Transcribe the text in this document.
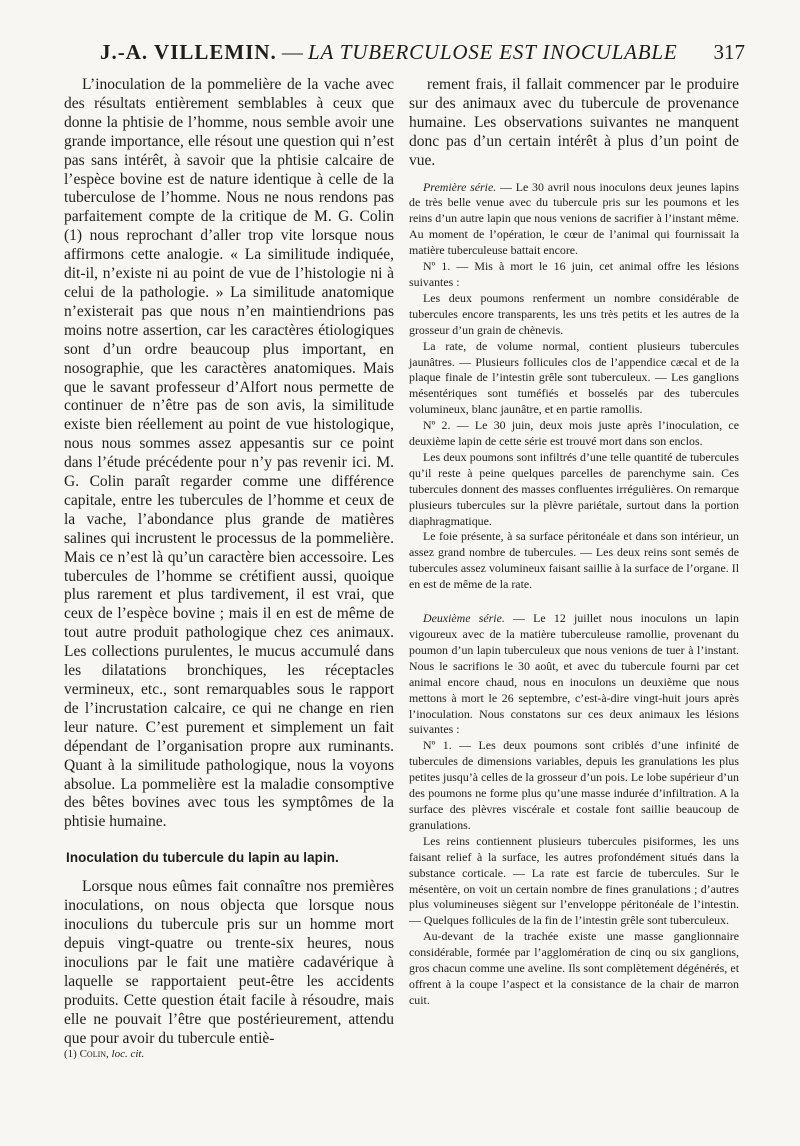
J.-A. VILLEMIN. — LA TUBERCULOSE EST INOCULABLE 317

L’inoculation de la pommelière de la vache avec des résultats entièrement semblables à ceux que donne la phtisie de l’homme, nous semble avoir une grande importance, elle résout une question qui n’est pas sans intérêt, à savoir que la phtisie calcaire de l’espèce bovine est de nature identique à celle de la tuberculose de l’homme. Nous ne nous rendons pas parfaitement compte de la critique de M. G. Colin (1) nous reprochant d’aller trop vite lorsque nous affirmons cette analogie. « La similitude indiquée, dit-il, n’existe ni au point de vue de l’histologie ni à celui de la pathologie. » La similitude anatomique n’existerait pas que nous n’en maintiendrions pas moins notre assertion, car les caractères étiologiques sont d’un ordre beaucoup plus important, en nosographie, que les caractères anatomiques. Mais que le savant professeur d’Alfort nous permette de continuer de n’être pas de son avis, la similitude existe bien réellement au point de vue histologique, nous nous sommes assez appesantis sur ce point dans l’étude précédente pour n’y pas revenir ici. M. G. Colin paraît regarder comme une différence capitale, entre les tubercules de l’homme et ceux de la vache, l’abondance plus grande de matières salines qui incrustent le processus de la pommelière. Mais ce n’est là qu’un caractère bien accessoire. Les tubercules de l’homme se crétifient aussi, quoique plus rarement et plus tardivement, il est vrai, que ceux de l’espèce bovine ; mais il en est de même de tout autre produit pathologique chez ces animaux. Les collections purulentes, le mucus accumulé dans les dilatations bronchiques, les réceptacles vermineux, etc., sont remarquables sous le rapport de l’incrustation calcaire, ce qui ne change en rien leur nature. C’est purement et simplement un fait dépendant de l’organisation propre aux ruminants. Quant à la similitude pathologique, nous la voyons absolue. La pommelière est la maladie consomptive des bêtes bovines avec tous les symptômes de la phtisie humaine.

Inoculation du tubercule du lapin au lapin.

Lorsque nous eûmes fait connaître nos premières inoculations, on nous objecta que lorsque nous inoculions du tubercule pris sur un homme mort depuis vingt-quatre ou trente-six heures, nous inoculions par le fait une matière cadavérique à laquelle se rapportaient peut-être les accidents produits. Cette question était facile à résoudre, mais elle ne pouvait l’être que postérieurement, attendu que pour avoir du tubercule entiè-

(1) Colin, loc. cit.

rement frais, il fallait commencer par le produire sur des animaux avec du tubercule de provenance humaine. Les observations suivantes ne manquent donc pas d’un certain intérêt à plus d’un point de vue.

Première série. — Le 30 avril nous inoculons deux jeunes lapins de très belle venue avec du tubercule pris sur les poumons et les reins d’un autre lapin que nous venions de sacrifier à l’instant même. Au moment de l’opération, le cœur de l’animal qui fournissait la matière tuberculeuse battait encore.

Nº 1. — Mis à mort le 16 juin, cet animal offre les lésions suivantes :

Les deux poumons renferment un nombre considérable de tubercules encore transparents, les uns très petits et les autres de la grosseur d’un grain de chènevis.

La rate, de volume normal, contient plusieurs tubercules jaunâtres. — Plusieurs follicules clos de l’appendice cæcal et de la plaque finale de l’intestin grêle sont tuberculeux. — Les ganglions mésentériques sont tuméfiés et bosselés par des tubercules volumineux, blanc jaunâtre, et en partie ramollis.

Nº 2. — Le 30 juin, deux mois juste après l’inoculation, ce deuxième lapin de cette série est trouvé mort dans son enclos.

Les deux poumons sont infiltrés d’une telle quantité de tubercules qu’il reste à peine quelques parcelles de parenchyme sain. Ces tubercules donnent des masses confluentes irrégulières. On remarque plusieurs tubercules sur la plèvre pariétale, surtout dans la portion diaphragmatique.

Le foie présente, à sa surface péritonéale et dans son intérieur, un assez grand nombre de tubercules. — Les deux reins sont semés de tubercules assez volumineux faisant saillie à la surface de l’organe. Il en est de même de la rate.

Deuxième série. — Le 12 juillet nous inoculons un lapin vigoureux avec de la matière tuberculeuse ramollie, provenant du poumon d’un lapin tuberculeux que nous venions de tuer à l’instant. Nous le sacrifions le 30 août, et avec du tubercule fourni par cet animal encore chaud, nous en inoculons un deuxième que nous mettons à mort le 26 septembre, c’est-à-dire vingt-huit jours après l’inoculation. Nous constatons sur ces deux animaux les lésions suivantes :

Nº 1. — Les deux poumons sont criblés d’une infinité de tubercules de dimensions variables, depuis les granulations les plus petites jusqu’à celles de la grosseur d’un pois. Le lobe supérieur d’un des poumons ne forme plus qu’une masse indurée d’infiltration. A la surface des plèvres viscérale et costale font saillie beaucoup de granulations.

Les reins contiennent plusieurs tubercules pisiformes, les uns faisant relief à la surface, les autres profondément situés dans la substance corticale. — La rate est farcie de tubercules. Sur le mésentère, on voit un certain nombre de fines granulations ; d’autres plus volumineuses siègent sur l’enveloppe péritonéale de l’intestin. — Quelques follicules de la fin de l’intestin grêle sont tuberculeux.

Au-devant de la trachée existe une masse ganglionnaire considérable, formée par l’agglomération de cinq ou six ganglions, gros chacun comme une aveline. Ils sont complètement dégénérés, et offrent à la coupe l’aspect et la consistance de la chair de marron cuit.
